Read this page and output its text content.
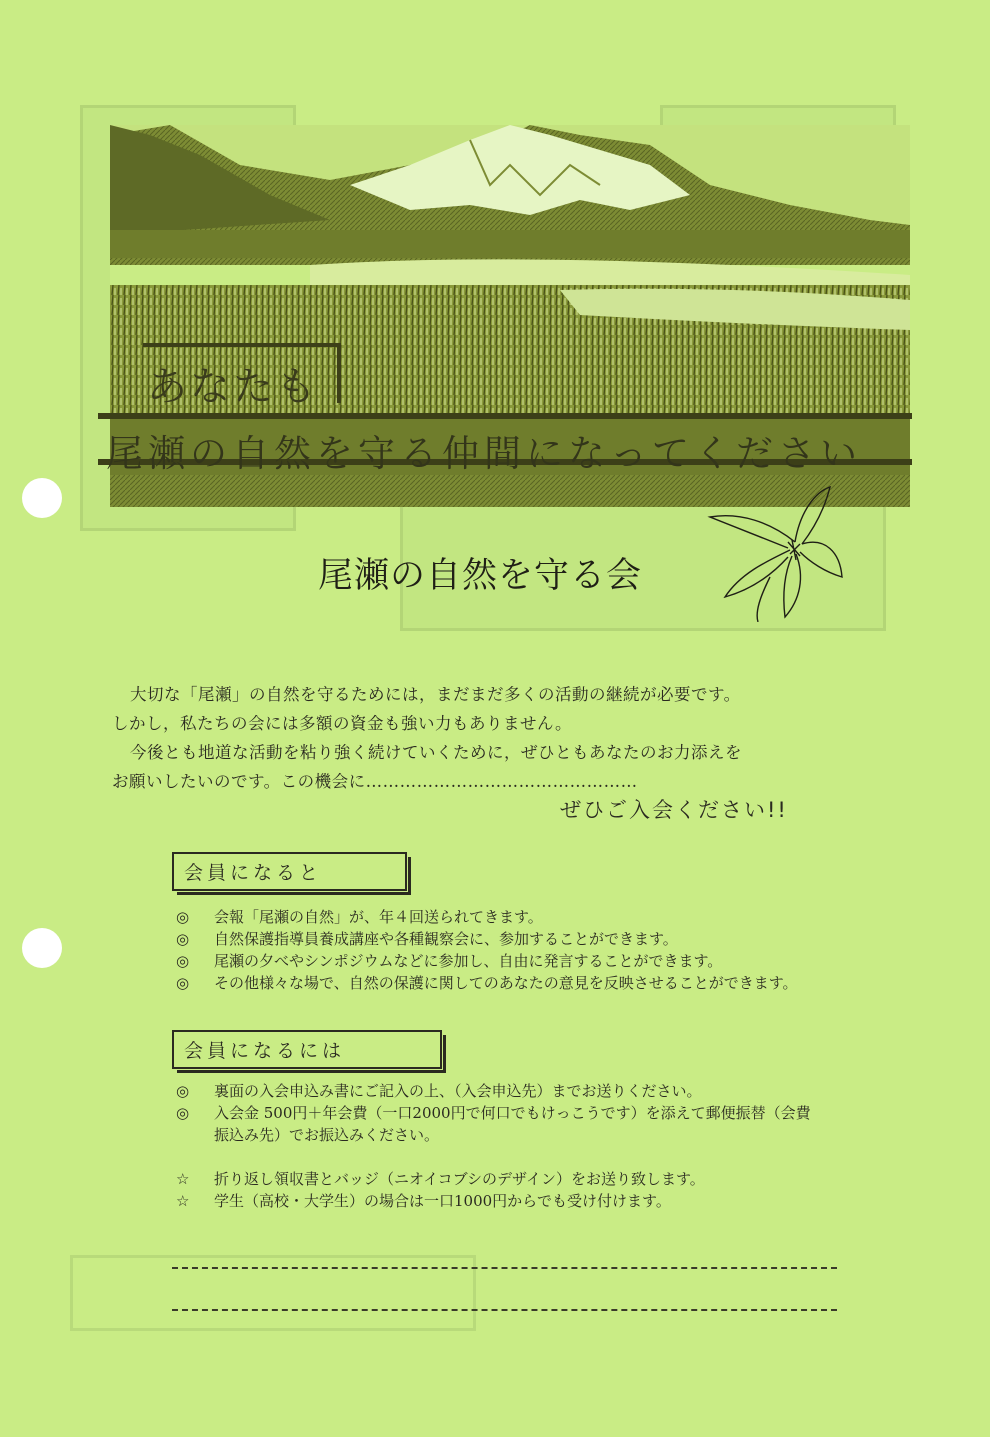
あなたも
尾瀬の自然を守る仲間になってください
尾瀬の自然を守る会

大切な「尾瀬」の自然を守るためには，まだまだ多くの活動の継続が必要です。

しかし，私たちの会には多額の資金も強い力もありません。

今後とも地道な活動を粘り強く続けていくために，ぜひともあなたのお力添えを

お願いしたいのです。この機会に…………………………………………

ぜひご入会ください!!
会員になると
◎	会報「尾瀬の自然」が、年４回送られてきます。
◎	自然保護指導員養成講座や各種観察会に、参加することができます。
◎	尾瀬の夕べやシンポジウムなどに参加し、自由に発言することができます。
◎	その他様々な場で、自然の保護に関してのあなたの意見を反映させることができます。
会員になるには
◎	裏面の入会申込み書にご記入の上、（入会申込先）までお送りください。
◎	入会金 500円＋年会費（一口2000円で何口でもけっこうです）を添えて郵便振替（会費振込み先）でお振込みください。
☆	折り返し領収書とバッジ（ニオイコブシのデザイン）をお送り致します。
☆	学生（高校・大学生）の場合は一口1000円からでも受け付けます。
